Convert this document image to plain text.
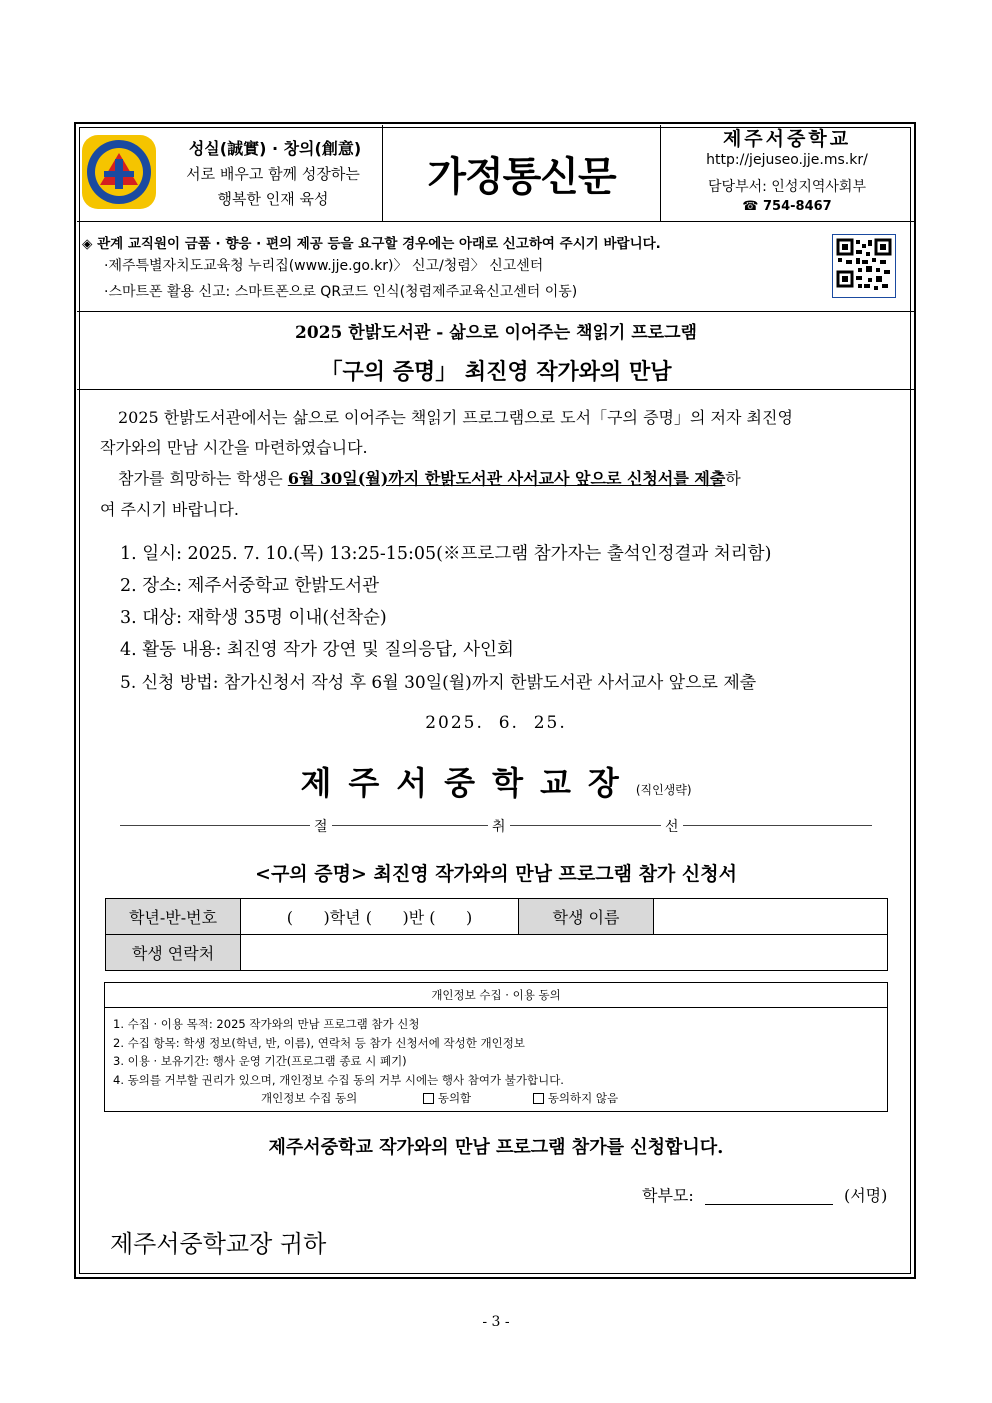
성실(誠實) · 창의(創意)
서로 배우고 함께 성장하는
행복한 인재 육성	가정통신문
제주서중학교
http://jejuseo.jje.ms.kr/
담당부서: 인성지역사회부
☎ 754-8467
◈ 관계 교직원이 금품 · 향응 · 편의 제공 등을 요구할 경우에는 아래로 신고하여 주시기 바랍니다.
·제주특별자치도교육청 누리집(www.jje.go.kr)〉 신고/청렴〉 신고센터
·스마트폰 활용 신고: 스마트폰으로 QR코드 인식(청렴제주교육신고센터 이동)
2025 한밝도서관 - 삶으로 이어주는 책읽기 프로그램
「구의 증명」 최진영 작가와의 만남
2025 한밝도서관에서는 삶으로 이어주는 책읽기 프로그램으로 도서「구의 증명」의 저자 최진영
작가와의 만남 시간을 마련하였습니다.
참가를 희망하는 학생은 6월 30일(월)까지 한밝도서관 사서교사 앞으로 신청서를 제출하
여 주시기 바랍니다.
1. 일시: 2025. 7. 10.(목) 13:25-15:05(※프로그램 참가자는 출석인정결과 처리함)
2. 장소: 제주서중학교 한밝도서관
3. 대상: 재학생 35명 이내(선착순)
4. 활동 내용: 최진영 작가 강연 및 질의응답, 사인회
5. 신청 방법: 참가신청서 작성 후 6월 30일(월)까지 한밝도서관 사서교사 앞으로 제출
2025.  6.  25.
제주서중학교장(직인생략)
절	취	선
<구의 증명> 최진영 작가와의 만남 프로그램 참가 신청서
학년-반-번호	(      )학년 (      )반 (      )	학생 이름	
학생 연락처			
개인정보 수집 · 이용 동의
1. 수집 · 이용 목적: 2025 작가와의 만남 프로그램 참가 신청
2. 수집 항목: 학생 정보(학년, 반, 이름), 연락처 등 참가 신청서에 작성한 개인정보
3. 이용 · 보유기간: 행사 운영 기간(프로그램 종료 시 폐기)
4. 동의를 거부할 권리가 있으며, 개인정보 수집 동의 거부 시에는 행사 참여가 불가합니다.
개인정보 수집 동의	동의함	동의하지 않음
제주서중학교 작가와의 만남 프로그램 참가를 신청합니다.
학부모:	(서명)
제주서중학교장 귀하
- 3 -
